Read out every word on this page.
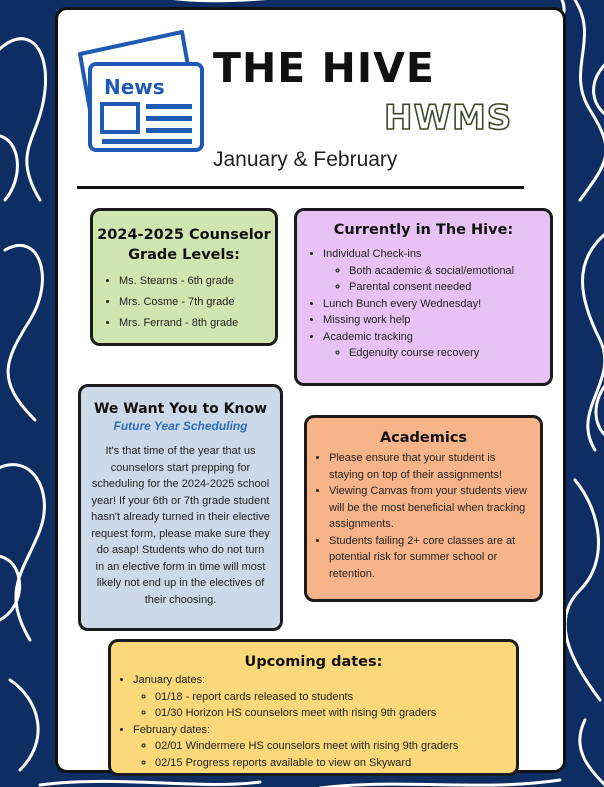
News THE HIVE
HWMS
January & February
2024-2025 Counselor Grade Levels:
• Ms. Stearns - 6th grade
• Mrs. Cosme - 7th grade
• Mrs. Ferrand - 8th grade
Currently in The Hive:
• Individual Check-ins
◦ Both academic & social/emotional
◦ Parental consent needed
• Lunch Bunch every Wednesday!
• Missing work help
• Academic tracking
◦ Edgenuity course recovery
We Want You to Know
Future Year Scheduling

It's that time of the year that us counselors start prepping for scheduling for the 2024-2025 school year! If your 6th or 7th grade student hasn't already turned in their elective request form, please make sure they do asap! Students who do not turn in an elective form in time will most likely not end up in the electives of their choosing.

Academics
• Please ensure that your student is staying on top of their assignments!
• Viewing Canvas from your students view will be the most beneficial when tracking assignments.
• Students failing 2+ core classes are at potential risk for summer school or retention.
Upcoming dates:
• January dates:
◦ 01/18 - report cards released to students
◦ 01/30 Horizon HS counselors meet with rising 9th graders
• February dates:
◦ 02/01 Windermere HS counselors meet with rising 9th graders
◦ 02/15 Progress reports available to view on Skyward
